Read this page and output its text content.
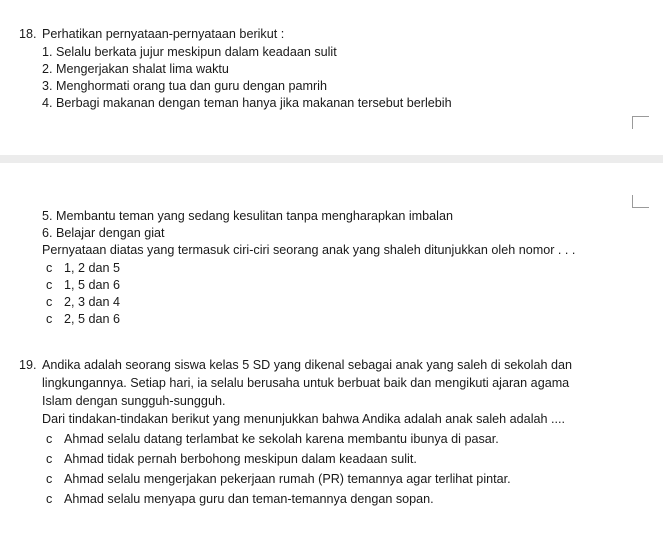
18. Perhatikan pernyataan-pernyataan berikut :
1. Selalu berkata jujur meskipun dalam keadaan sulit
2. Mengerjakan shalat lima waktu
3. Menghormati orang tua dan guru dengan pamrih
4. Berbagi makanan dengan teman hanya jika makanan tersebut berlebih
5. Membantu teman yang sedang kesulitan tanpa mengharapkan imbalan
6. Belajar dengan giat
Pernyataan diatas yang termasuk ciri-ciri seorang anak yang shaleh ditunjukkan oleh nomor . . .
c 1, 2 dan 5
c 1, 5 dan 6
c 2, 3 dan 4
c 2, 5 dan 6
19. Andika adalah seorang siswa kelas 5 SD yang dikenal sebagai anak yang saleh di sekolah dan
lingkungannya. Setiap hari, ia selalu berusaha untuk berbuat baik dan mengikuti ajaran agama
Islam dengan sungguh-sungguh.
Dari tindakan-tindakan berikut yang menunjukkan bahwa Andika adalah anak saleh adalah ....
c Ahmad selalu datang terlambat ke sekolah karena membantu ibunya di pasar.
c Ahmad tidak pernah berbohong meskipun dalam keadaan sulit.
c Ahmad selalu mengerjakan pekerjaan rumah (PR) temannya agar terlihat pintar.
c Ahmad selalu menyapa guru dan teman-temannya dengan sopan.
